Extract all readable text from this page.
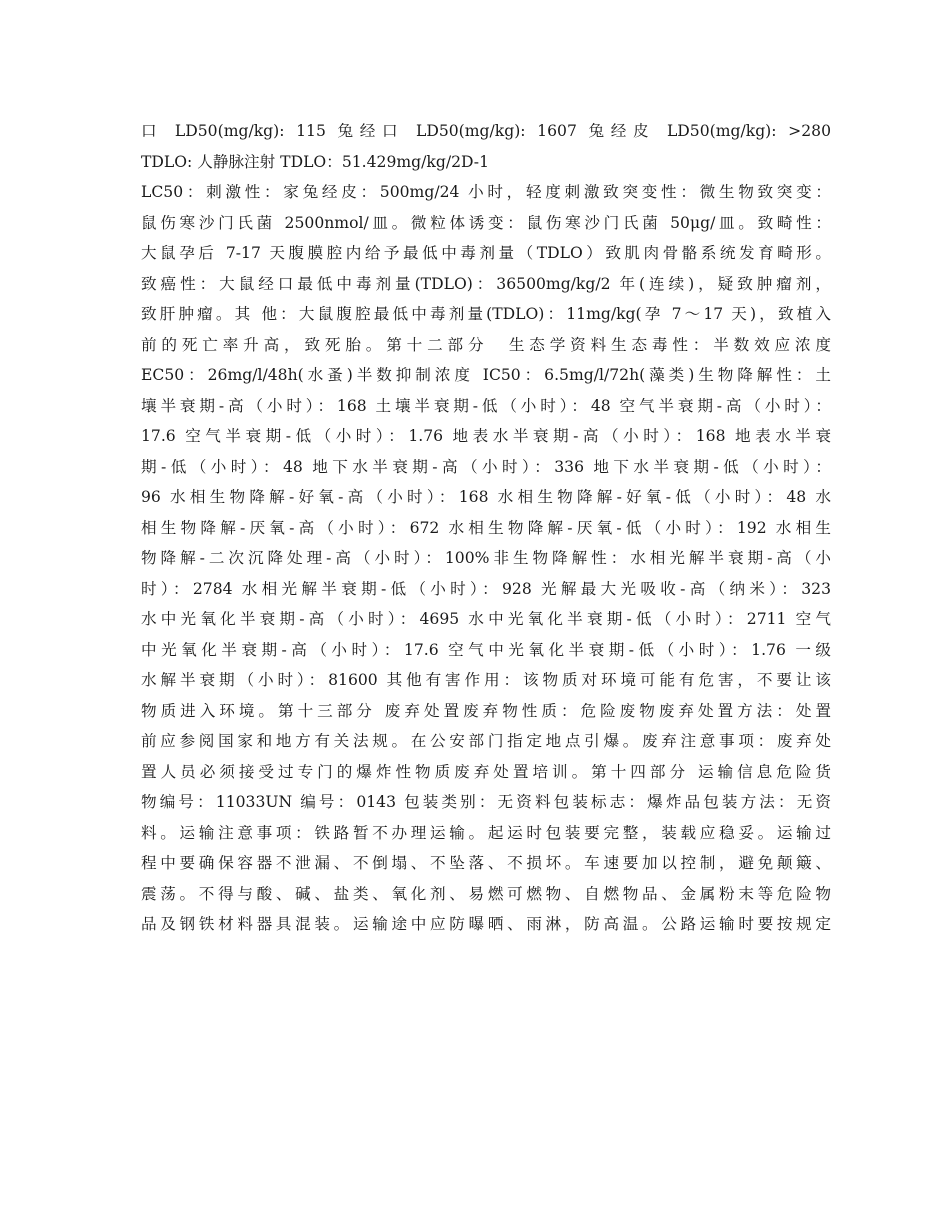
口 LD50(mg/kg): 115 兔经口 LD50(mg/kg): 1607 兔经皮 LD50(mg/kg): >280
TDLO: 人静脉注射 TDLO：51.429mg/kg/2D-1
LC50：刺激性：家兔经皮：500mg/24 小时，轻度刺激致突变性：微生物致突变：
鼠伤寒沙门氏菌 2500nmol/皿。微粒体诱变：鼠伤寒沙门氏菌 50μg/皿。致畸性：
大鼠孕后 7-17 天腹膜腔内给予最低中毒剂量（TDLO）致肌肉骨骼系统发育畸形。
致癌性：大鼠经口最低中毒剂量(TDLO)：36500mg/kg/2 年(连续)，疑致肿瘤剂，
致肝肿瘤。其 他：大鼠腹腔最低中毒剂量(TDLO)：11mg/kg(孕 7～17 天)，致植入
前的死亡率升高，致死胎。第十二部分　生态学资料生态毒性：半数效应浓度
EC50：26mg/l/48h(水蚤)半数抑制浓度 IC50：6.5mg/l/72h(藻类)生物降解性：土
壤半衰期-高（小时）：168 土壤半衰期-低（小时）：48 空气半衰期-高（小时）：
17.6 空气半衰期-低（小时）：1.76 地表水半衰期-高（小时）：168 地表水半衰
期-低（小时）：48 地下水半衰期-高（小时）：336 地下水半衰期-低（小时）：
96 水相生物降解-好氧-高（小时）：168 水相生物降解-好氧-低（小时）：48 水
相生物降解-厌氧-高（小时）：672 水相生物降解-厌氧-低（小时）：192 水相生
物降解-二次沉降处理-高（小时）：100%非生物降解性：水相光解半衰期-高（小
时）：2784 水相光解半衰期-低（小时）：928 光解最大光吸收-高（纳米）：323
水中光氧化半衰期-高（小时）：4695 水中光氧化半衰期-低（小时）：2711 空气
中光氧化半衰期-高（小时）：17.6 空气中光氧化半衰期-低（小时）：1.76 一级
水解半衰期（小时）：81600 其他有害作用：该物质对环境可能有危害，不要让该
物质进入环境。第十三部分 废弃处置废弃物性质：危险废物废弃处置方法：处置
前应参阅国家和地方有关法规。在公安部门指定地点引爆。废弃注意事项：废弃处
置人员必须接受过专门的爆炸性物质废弃处置培训。第十四部分 运输信息危险货
物编号：11033UN 编号：0143 包装类别：无资料包装标志：爆炸品包装方法：无资
料。运输注意事项：铁路暂不办理运输。起运时包装要完整，装载应稳妥。运输过
程中要确保容器不泄漏、不倒塌、不坠落、不损坏。车速要加以控制，避免颠簸、
震荡。不得与酸、碱、盐类、氧化剂、易燃可燃物、自燃物品、金属粉末等危险物
品及钢铁材料器具混装。运输途中应防曝晒、雨淋，防高温。公路运输时要按规定
